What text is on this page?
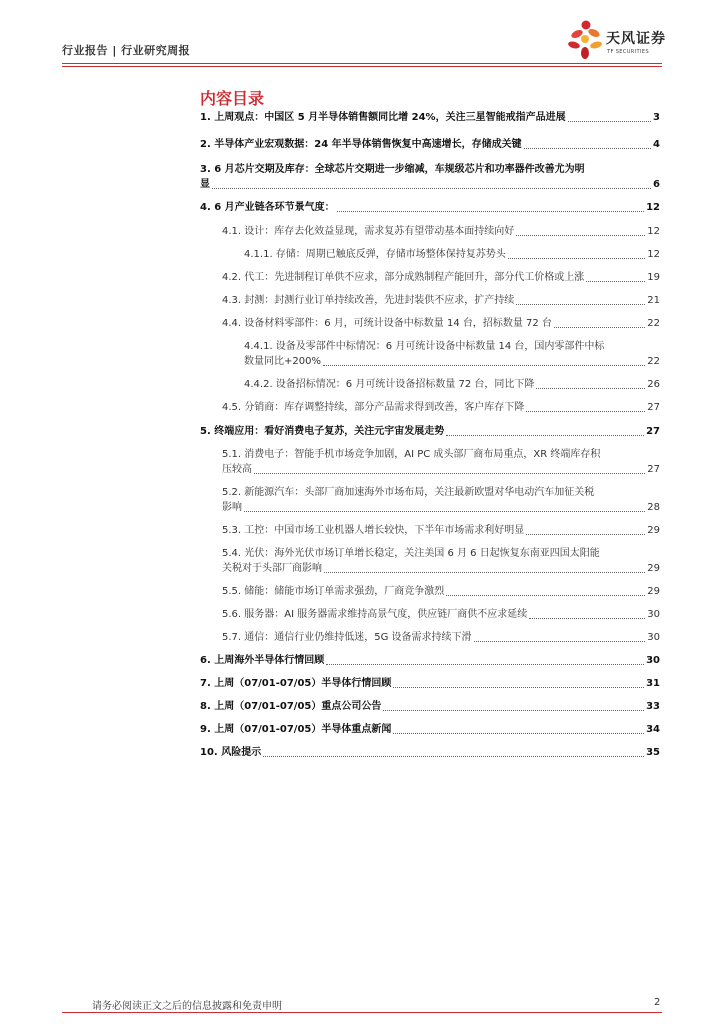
行业报告 | 行业研究周报
天风证券
TF SECURITIES
内容目录
1. 上周观点：中国区 5 月半导体销售额同比增 24%，关注三星智能戒指产品进展	3
2. 半导体产业宏观数据：24 年半导体销售恢复中高速增长，存储成关键	4
3. 6 月芯片交期及库存：全球芯片交期进一步缩减，车规级芯片和功率器件改善尤为明
显	6
4. 6 月产业链各环节景气度：	12
4.1. 设计：库存去化效益显现，需求复苏有望带动基本面持续向好	12
4.1.1. 存储：周期已触底反弹，存储市场整体保持复苏势头	12
4.2. 代工：先进制程订单供不应求，部分成熟制程产能回升，部分代工价格或上涨	19
4.3. 封测：封测行业订单持续改善，先进封装供不应求，扩产持续	21
4.4. 设备材料零部件：6 月，可统计设备中标数量 14 台，招标数量 72 台	22
4.4.1. 设备及零部件中标情况：6 月可统计设备中标数量 14 台，国内零部件中标
数量同比+200%	22
4.4.2. 设备招标情况：6 月可统计设备招标数量 72 台，同比下降	26
4.5. 分销商：库存调整持续，部分产品需求得到改善，客户库存下降	27
5. 终端应用：看好消费电子复苏，关注元宇宙发展走势	27
5.1. 消费电子：智能手机市场竞争加剧，AI PC 成头部厂商布局重点，XR 终端库存积
压较高	27
5.2. 新能源汽车：头部厂商加速海外市场布局，关注最新欧盟对华电动汽车加征关税
影响	28
5.3. 工控：中国市场工业机器人增长较快，下半年市场需求利好明显	29
5.4. 光伏：海外光伏市场订单增长稳定，关注美国 6 月 6 日起恢复东南亚四国太阳能
关税对于头部厂商影响	29
5.5. 储能：储能市场订单需求强劲，厂商竞争激烈	29
5.6. 服务器：AI 服务器需求维持高景气度，供应链厂商供不应求延续	30
5.7. 通信：通信行业仍维持低迷，5G 设备需求持续下滑	30
6. 上周海外半导体行情回顾	30
7. 上周（07/01-07/05）半导体行情回顾	31
8. 上周（07/01-07/05）重点公司公告	33
9. 上周（07/01-07/05）半导体重点新闻	34
10. 风险提示	35
请务必阅读正文之后的信息披露和免责申明	2
